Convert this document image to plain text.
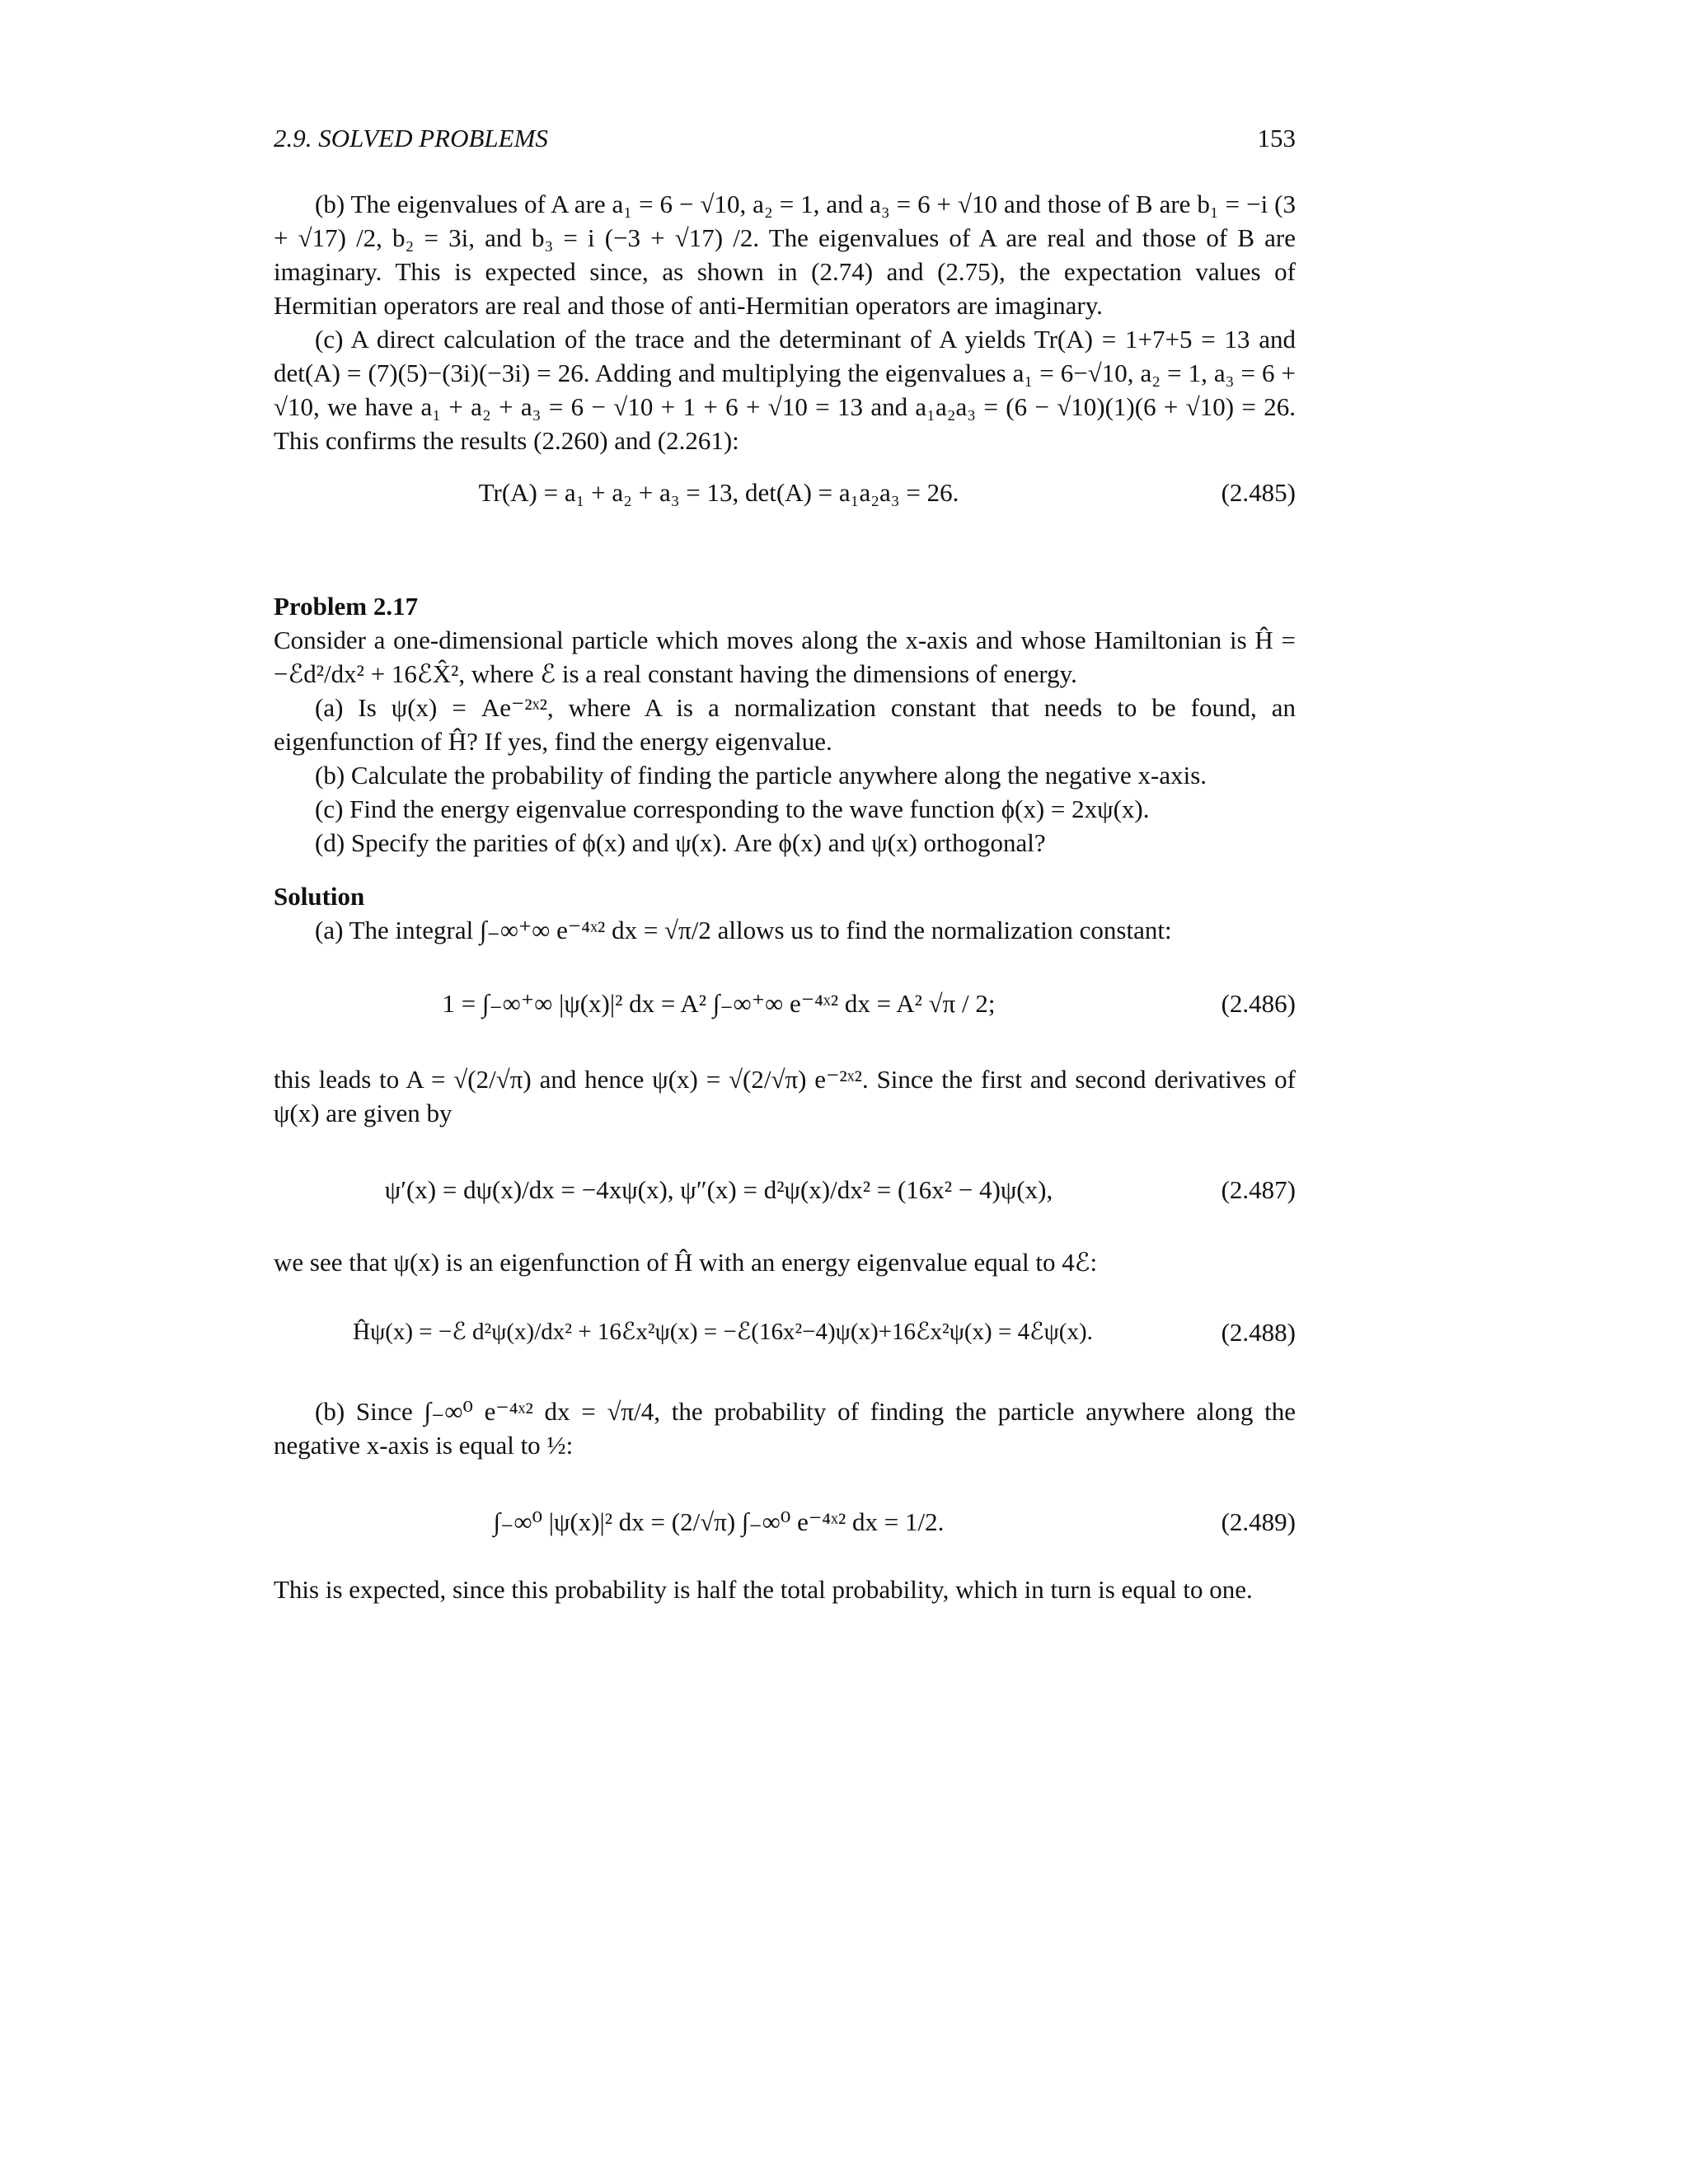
2.9. SOLVED PROBLEMS	153

(b) The eigenvalues of A are a₁ = 6 − √10, a₂ = 1, and a₃ = 6 + √10 and those of B are b₁ = −i (3 + √17) /2, b₂ = 3i, and b₃ = i (−3 + √17) /2. The eigenvalues of A are real and those of B are imaginary. This is expected since, as shown in (2.74) and (2.75), the expectation values of Hermitian operators are real and those of anti-Hermitian operators are imaginary.

(c) A direct calculation of the trace and the determinant of A yields Tr(A) = 1+7+5 = 13 and det(A) = (7)(5)−(3i)(−3i) = 26. Adding and multiplying the eigenvalues a₁ = 6−√10, a₂ = 1, a₃ = 6 + √10, we have a₁ + a₂ + a₃ = 6 − √10 + 1 + 6 + √10 = 13 and a₁a₂a₃ = (6 − √10)(1)(6 + √10) = 26. This confirms the results (2.260) and (2.261):

Tr(A) = a₁ + a₂ + a₃ = 13, det(A) = a₁a₂a₃ = 26.	(2.485)
Problem 2.17

Consider a one-dimensional particle which moves along the x-axis and whose Hamiltonian is Ĥ = −ℰd²/dx² + 16ℰX̂², where ℰ is a real constant having the dimensions of energy.

(a) Is ψ(x) = Ae⁻²ˣ², where A is a normalization constant that needs to be found, an eigenfunction of Ĥ? If yes, find the energy eigenvalue.

(b) Calculate the probability of finding the particle anywhere along the negative x-axis.

(c) Find the energy eigenvalue corresponding to the wave function ϕ(x) = 2xψ(x).

(d) Specify the parities of ϕ(x) and ψ(x). Are ϕ(x) and ψ(x) orthogonal?

Solution

(a) The integral ∫₋∞⁺∞ e⁻⁴ˣ² dx = √π/2 allows us to find the normalization constant:

1 = ∫₋∞⁺∞ |ψ(x)|² dx = A² ∫₋∞⁺∞ e⁻⁴ˣ² dx = A² √π / 2;	(2.486)

this leads to A = √(2/√π) and hence ψ(x) = √(2/√π) e⁻²ˣ². Since the first and second derivatives of ψ(x) are given by

ψ′(x) = dψ(x)/dx = −4xψ(x), ψ″(x) = d²ψ(x)/dx² = (16x² − 4)ψ(x),	(2.487)

we see that ψ(x) is an eigenfunction of Ĥ with an energy eigenvalue equal to 4ℰ:

Ĥψ(x) = −ℰ d²ψ(x)/dx² + 16ℰx²ψ(x) = −ℰ(16x²−4)ψ(x)+16ℰx²ψ(x) = 4ℰψ(x).	(2.488)

(b) Since ∫₋∞⁰ e⁻⁴ˣ² dx = √π/4, the probability of finding the particle anywhere along the negative x-axis is equal to ½:

∫₋∞⁰ |ψ(x)|² dx = (2/√π) ∫₋∞⁰ e⁻⁴ˣ² dx = 1/2.	(2.489)

This is expected, since this probability is half the total probability, which in turn is equal to one.
